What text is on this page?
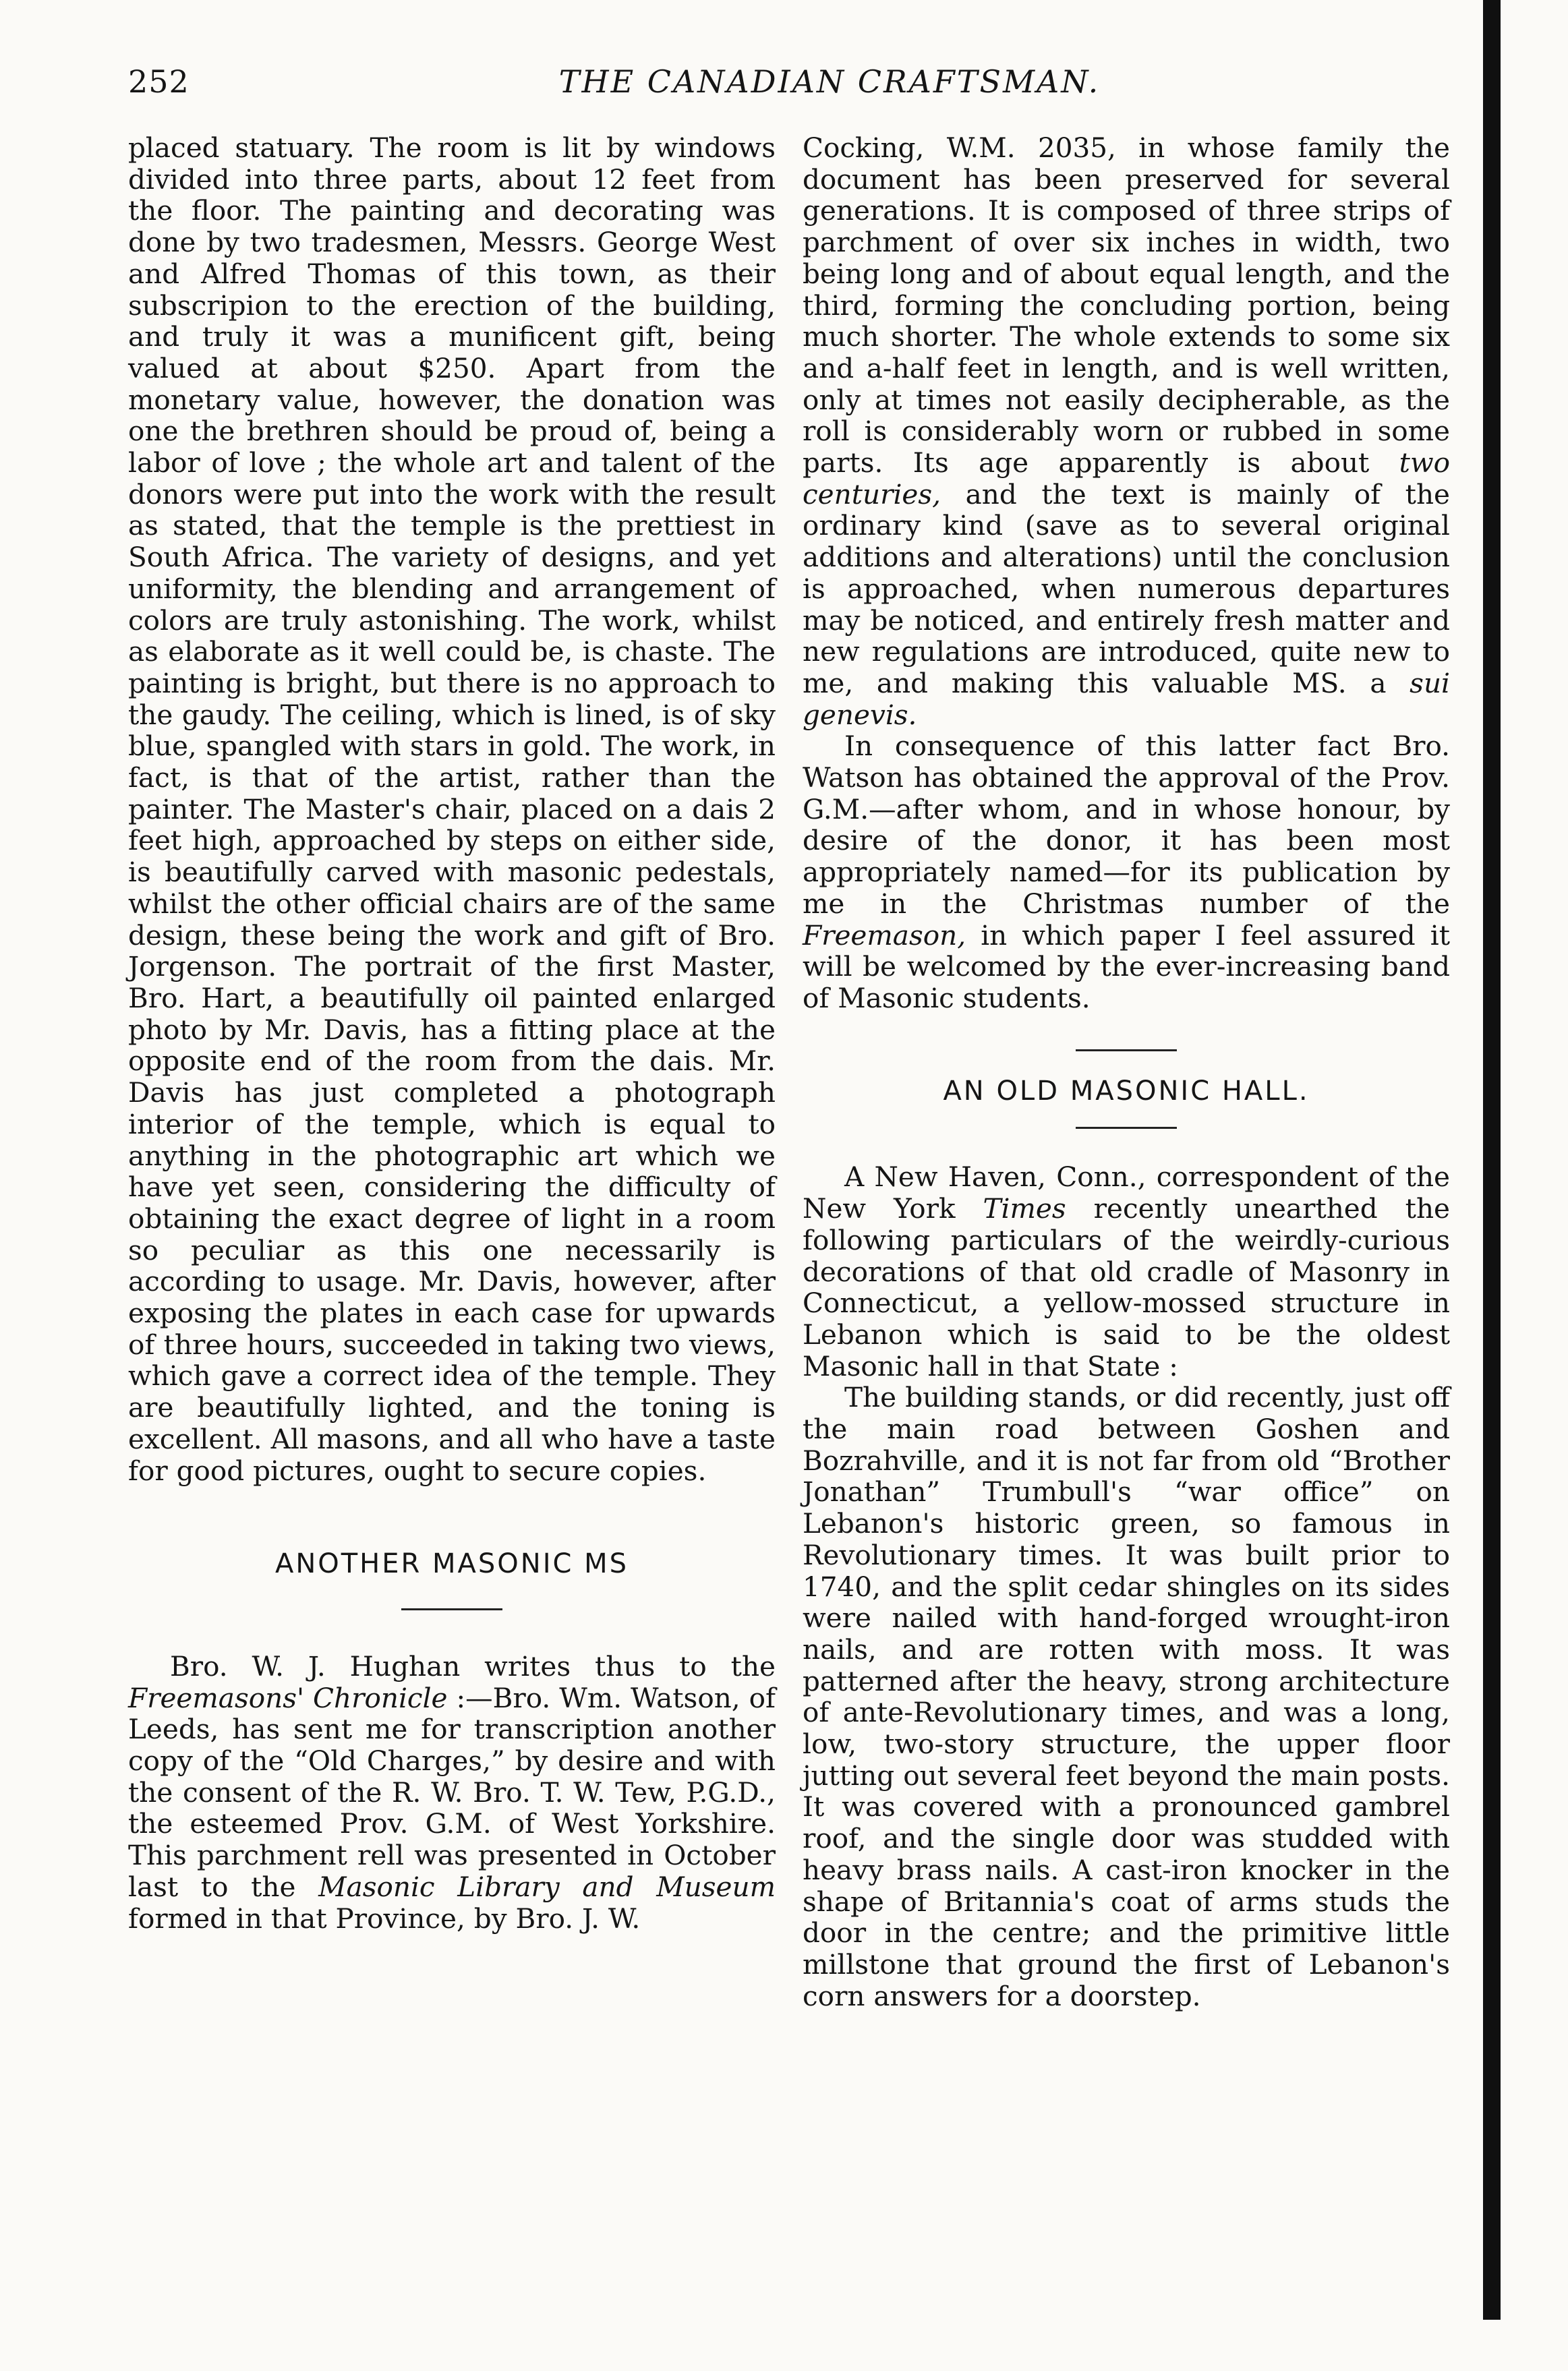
252	THE CANADIAN CRAFTSMAN.

placed statuary. The room is lit by windows divided into three parts, about 12 feet from the floor. The painting and decorating was done by two tradesmen, Messrs. George West and Alfred Thomas of this town, as their subscripion to the erection of the building, and truly it was a munificent gift, being valued at about $250. Apart from the monetary value, however, the donation was one the brethren should be proud of, being a labor of love ; the whole art and talent of the donors were put into the work with the result as stated, that the temple is the prettiest in South Africa. The variety of designs, and yet uniformity, the blending and arrangement of colors are truly astonishing. The work, whilst as elaborate as it well could be, is chaste. The painting is bright, but there is no approach to the gaudy. The ceiling, which is lined, is of sky blue, spangled with stars in gold. The work, in fact, is that of the artist, rather than the painter. The Master's chair, placed on a dais 2 feet high, approached by steps on either side, is beautifully carved with masonic pedestals, whilst the other official chairs are of the same design, these being the work and gift of Bro. Jorgenson. The portrait of the first Master, Bro. Hart, a beautifully oil painted enlarged photo by Mr. Davis, has a fitting place at the opposite end of the room from the dais. Mr. Davis has just completed a photograph interior of the temple, which is equal to anything in the photographic art which we have yet seen, considering the difficulty of obtaining the exact degree of light in a room so peculiar as this one necessarily is according to usage. Mr. Davis, however, after exposing the plates in each case for upwards of three hours, succeeded in taking two views, which gave a correct idea of the temple. They are beautifully lighted, and the toning is excellent. All masons, and all who have a taste for good pictures, ought to secure copies.

ANOTHER MASONIC MS

Bro. W. J. Hughan writes thus to the Freemasons' Chronicle :—Bro. Wm. Watson, of Leeds, has sent me for transcription another copy of the “Old Charges,” by desire and with the consent of the R. W. Bro. T. W. Tew, P.G.D., the esteemed Prov. G.M. of West Yorkshire. This parchment rell was presented in October last to the Masonic Library and Museum formed in that Province, by Bro. J. W.

Cocking, W.M. 2035, in whose family the document has been preserved for several generations. It is composed of three strips of parchment of over six inches in width, two being long and of about equal length, and the third, forming the concluding portion, being much shorter. The whole extends to some six and a-half feet in length, and is well written, only at times not easily decipherable, as the roll is considerably worn or rubbed in some parts. Its age apparently is about two centuries, and the text is mainly of the ordinary kind (save as to several original additions and alterations) until the conclusion is approached, when numerous departures may be noticed, and entirely fresh matter and new regulations are introduced, quite new to me, and making this valuable MS. a sui genevis.

In consequence of this latter fact Bro. Watson has obtained the approval of the Prov. G.M.—after whom, and in whose honour, by desire of the donor, it has been most appropriately named—for its publication by me in the Christmas number of the Freemason, in which paper I feel assured it will be welcomed by the ever-increasing band of Masonic students.

AN OLD MASONIC HALL.

A New Haven, Conn., correspondent of the New York Times recently unearthed the following particulars of the weirdly-curious decorations of that old cradle of Masonry in Connecticut, a yellow-mossed structure in Lebanon which is said to be the oldest Masonic hall in that State :

The building stands, or did recently, just off the main road between Goshen and Bozrahville, and it is not far from old “Brother Jonathan” Trumbull's “war office” on Lebanon's historic green, so famous in Revolutionary times. It was built prior to 1740, and the split cedar shingles on its sides were nailed with hand-forged wrought-iron nails, and are rotten with moss. It was patterned after the heavy, strong architecture of ante-Revolutionary times, and was a long, low, two-story structure, the upper floor jutting out several feet beyond the main posts. It was covered with a pronounced gambrel roof, and the single door was studded with heavy brass nails. A cast-iron knocker in the shape of Britannia's coat of arms studs the door in the centre; and the primitive little millstone that ground the first of Lebanon's corn answers for a doorstep.
